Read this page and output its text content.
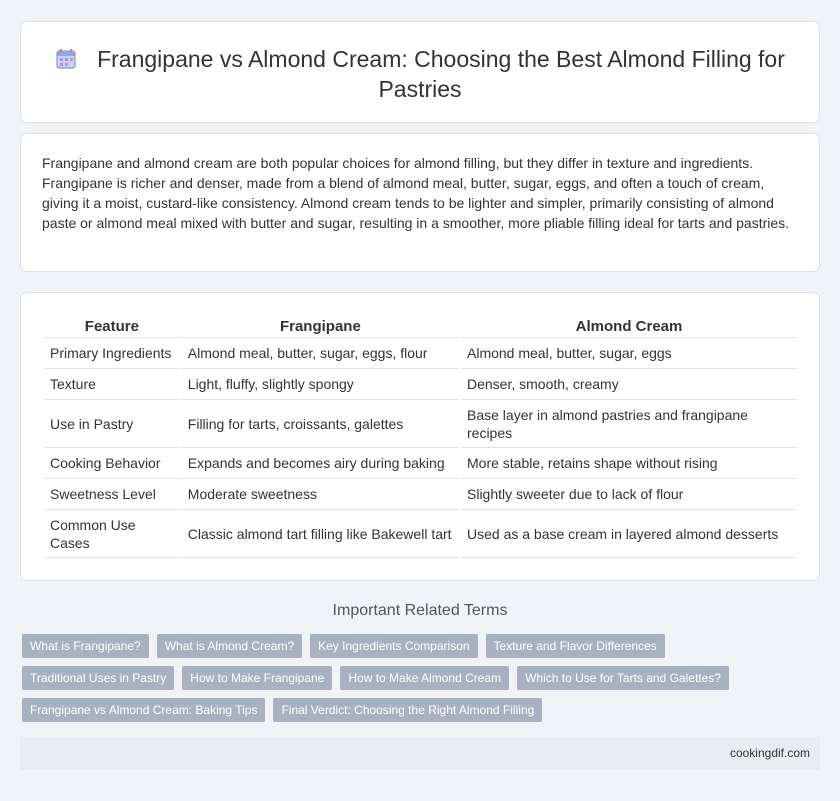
Frangipane vs Almond Cream: Choosing the Best Almond Filling for Pastries

Frangipane and almond cream are both popular choices for almond filling, but they differ in texture and ingredients. Frangipane is richer and denser, made from a blend of almond meal, butter, sugar, eggs, and often a touch of cream, giving it a moist, custard-like consistency. Almond cream tends to be lighter and simpler, primarily consisting of almond paste or almond meal mixed with butter and sugar, resulting in a smoother, more pliable filling ideal for tarts and pastries.

Feature	Frangipane	Almond Cream
Primary Ingredients	Almond meal, butter, sugar, eggs, flour	Almond meal, butter, sugar, eggs
Texture	Light, fluffy, slightly spongy	Denser, smooth, creamy
Use in Pastry	Filling for tarts, croissants, galettes	Base layer in almond pastries and frangipane recipes
Cooking Behavior	Expands and becomes airy during baking	More stable, retains shape without rising
Sweetness Level	Moderate sweetness	Slightly sweeter due to lack of flour
Common Use Cases	Classic almond tart filling like Bakewell tart	Used as a base cream in layered almond desserts
Important Related Terms
What is Frangipane?	What is Almond Cream?	Key Ingredients Comparison	Texture and Flavor Differences
Traditional Uses in Pastry	How to Make Frangipane	How to Make Almond Cream	Which to Use for Tarts and Galettes?
Frangipane vs Almond Cream: Baking Tips	Final Verdict: Choosing the Right Almond Filling
cookingdif.com
